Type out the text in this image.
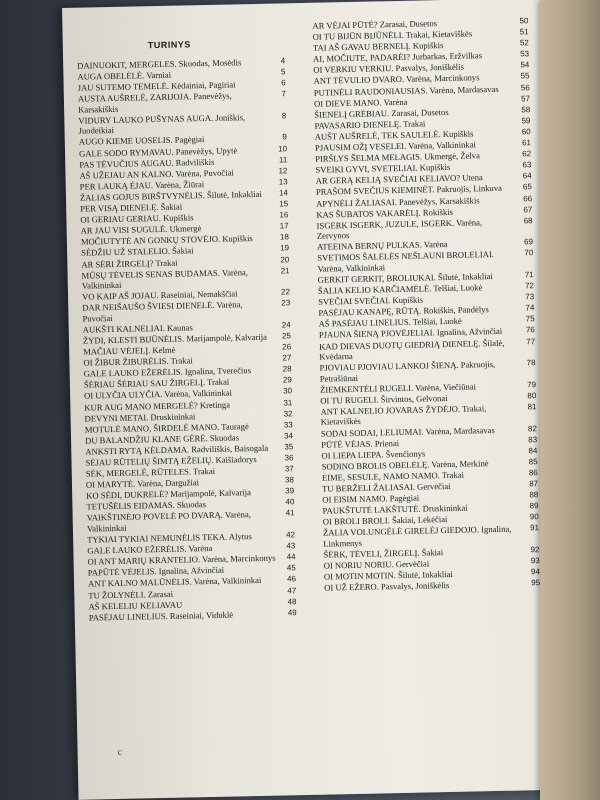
TURINYS
DAINUOKIT, MERGELES. Skuodas, Mosėdis	4
AUGA OBELĖLĖ. Varniai	5
JAU SUTEMO TEMELĖ. Kėdainiai, Pagiriai	6
AUSTA AUŠRELĖ, ZARIJOJA. Panevėžys, Karsakiškis
7
VIDURY LAUKO PUŠYNAS AUGA. Joniškis, Juodeikiai
8
AUGO KIEME UOSELIS. Pagėgiai	9
GALE SODO RYMAVAU. Panevėžys, Upytė	10
PAS TĖVUČIUS AUGAU. Radviliškis	11
AŠ UŽEJAU AN KALNO. Varėna, Puvočiai	12
PER LAUKĄ ĖJAU. Varėna, Žiūrai	13
ŽALIAS GOJUS BIRŠTVYNĖLIS. Šilutė, Inkakliai	14
PER VISĄ DIENELĘ. Šakiai	15
OI GERIAU GERIAU. Kupiškis	16
AR JAU VISI SUGULĖ. Ukmergė	17
MOČIUTYTĖ AN GONKŲ STOVĖJO. Kupiškis	18
SĖDŽIU UŽ STALELIO. Šakiai	19
AR SĖRI ŽIRGELĮ? Trakai	20
MŪSŲ TĖVELIS SENAS BUDAMAS. Varėna, Valkininkai
21
VO KAIP AŠ JOJAU. Raseiniai, Nemakščiai	22
DAR NEIŠAUŠO ŠVIESI DIENELĖ. Varėna, Puvočiai
23
AUKŠTI KALNELIAI. Kaunas	24
ŽYDI, KLESTI BIJŪNĖLIS. Marijampolė, Kalvarija	25
MAČIAU VĖJELĮ. Kelmė	26
OI ŽIBUR ŽIBURĖLIS. Trakai	27
GALE LAUKO EŽERĖLIS. Ignalina, Tverečius	28
ŠĖRIAU ŠĖRIAU SAU ŽIRGELĮ. Trakai	29
OI ULYČIA ULYČIA. Varėna, Valkininkai	30
KUR AUG MANO MERGELĖ? Kretinga	31
DEVYNI METAI. Druskininkai	32
MOTULĖ MANO, ŠIRDELĖ MANO. Tauragė	33
DU BALANDŽIU KLANE GĖRĖ. Skuodas	34
ANKSTI RYTĄ KĖLDAMA. Radviliškis, Baisogala	35
SĖJAU RŪTELIŲ ŠIMTĄ EŽELIŲ. Kaišiadorys	36
SĖK, MERGELĖ, RŪTELES. Trakai	37
OI MARYTĖ. Varėna, Dargužiai	38
KO SĖDI, DUKRELĖ? Marijampolė, Kalvarija	39
TETUŠĖLIS EIDAMAS. Skuodas	40
VAIKŠTINĖJO POVELĖ PO DVARĄ. Varėna, Valkininkai
41
TYKIAI TYKIAI NEMUNĖLIS TEKA. Alytus	42
GALE LAUKO EŽERĖLIS. Varėna	43
OI ANT MARIŲ KRANTELIO. Varėna, Marcinkonys	44
PAPŪTĖ VĖJELIS. Ignalina, Ažvinčiai	45
ANT KALNO MALŪNĖLIS. Varėna, Valkininkai	46
TU ŽOLYNĖLI. Zarasai	47
AŠ KELELIU KELIAVAU	48
PASĖJAU LINELIUS. Raseiniai, Viduklė	49
AR VĖJAI PŪTĖ? Zarasai, Dusetos	50
OI TU BIJŪN BIJŪNĖLI. Trakai, Kietaviškės	51
TAI AŠ GAVAU BERNELĮ. Kupiškis	52
AI, MOČIUTE, PADARĖI? Jurbarkas, Eržvilkas	53
OI VERKIU VERKIU. Pasvalys, Joniškėlis	54
ANT TĖVULIO DVARO. Varėna, Marcinkonys	55
PUTINĖLI RAUDONIAUSIAS. Varėna, Mardasavas	56
OI DIEVE MANO. Varėna	57
ŠIENELĮ GRĖBIAU. Zarasai, Dusetos	58
PAVASARIO DIENELĘ. Trakai	59
AUŠT AUŠRELĖ, TEK SAULELĖ. Kupiškis	60
PJAUSIM OŽĮ VESELEI. Varėna, Valkininkai	61
PIRŠLYS ŠELMA MELAGIS. Ukmergė, Želva	62
SVEIKI GYVI, SVETELIAI. Kupiškis	63
AR GERĄ KELIĄ SVEČIAI KELIAVO? Utena	64
PRAŠOM SVEČIUS KIEMINĖT. Pakruojis, Linkuva	65
APYNĖLI ŽALIASAI. Panevėžys, Karsakiškis	66
KAS ŠUBATOS VAKARĖLĮ. Rokiškis	67
ISGERK ISGERK, JUZULE, ISGERK. Varėna, Zervynos
68
ATEEINA BERNŲ PULKAS. Varėna	69
SVETIMOS ŠALELĖS NEŠLAUNI BROLELIAI. Varėna, Valkininkai
70
GERKIT GERKIT, BROLIUKAI. Šilutė, Inkakliai	71
ŠALIA KELIO KARČIAMĖLĖ. Telšiai, Luokė	72
SVEČIAI SVEČIAI. Kupiškis	73
PASĖJAU KANAPĘ, RŪTĄ. Rokiškis, Pandėlys	74
AŠ PASĖJAU LINELIUS. Telšiai, Luokė	75
PJAUNA ŠIENĄ PJOVĖJELIAI. Ignalina, Ažvinčiai	76
KAD DIEVAS DUOTŲ GIEDRIĄ DIENELĘ. Šilalė, Kvėdarna
77
PJOVIAU PJOVIAU LANKOJ ŠIENĄ. Pakruojis, Petrašiūnai
78
ŽIEMKENTĖLI RUGELI. Varėna, Viečiūnai	79
OI TU RUGELI. Širvintos, Gelvonai	80
ANT KALNELIO JOVARAS ŽYDĖJO. Trakai, Kietaviškės
81
SODAI SODAI, LELIUMAI. Varėna, Mardasavas	82
PŪTĖ VĖJAS. Prienai	83
OI LIEPA LIEPA. Švenčionys	84
SODINO BROLIS OBELĖLĘ. Varėna, Merkinė	85
EIME, SESULE, NAMO NAMO. Trakai	86
TU BERŽELI ŽALIASAI. Gervėčiai	87
OI EISIM NAMO. Pagėgiai	88
PAUKŠTUTĖ LAKŠTUTĖ. Druskininkai	89
OI BROLI BROLI. Šakiai, Lekėčiai	90
ŽALIA VOLUNGĖLĖ GIRELĖJ GIEDOJO. Ignalina, Linkmenys
91
ŠĖRK, TĖVELI, ŽIRGELĮ. Šakiai	92
OI NORIU NORIU. Gervėčiai	93
OI MOTIN MOTIN. Šilutė, Inkakliai	94
OI UŽ EŽERO. Pasvalys, Joniškėlis	95
c
